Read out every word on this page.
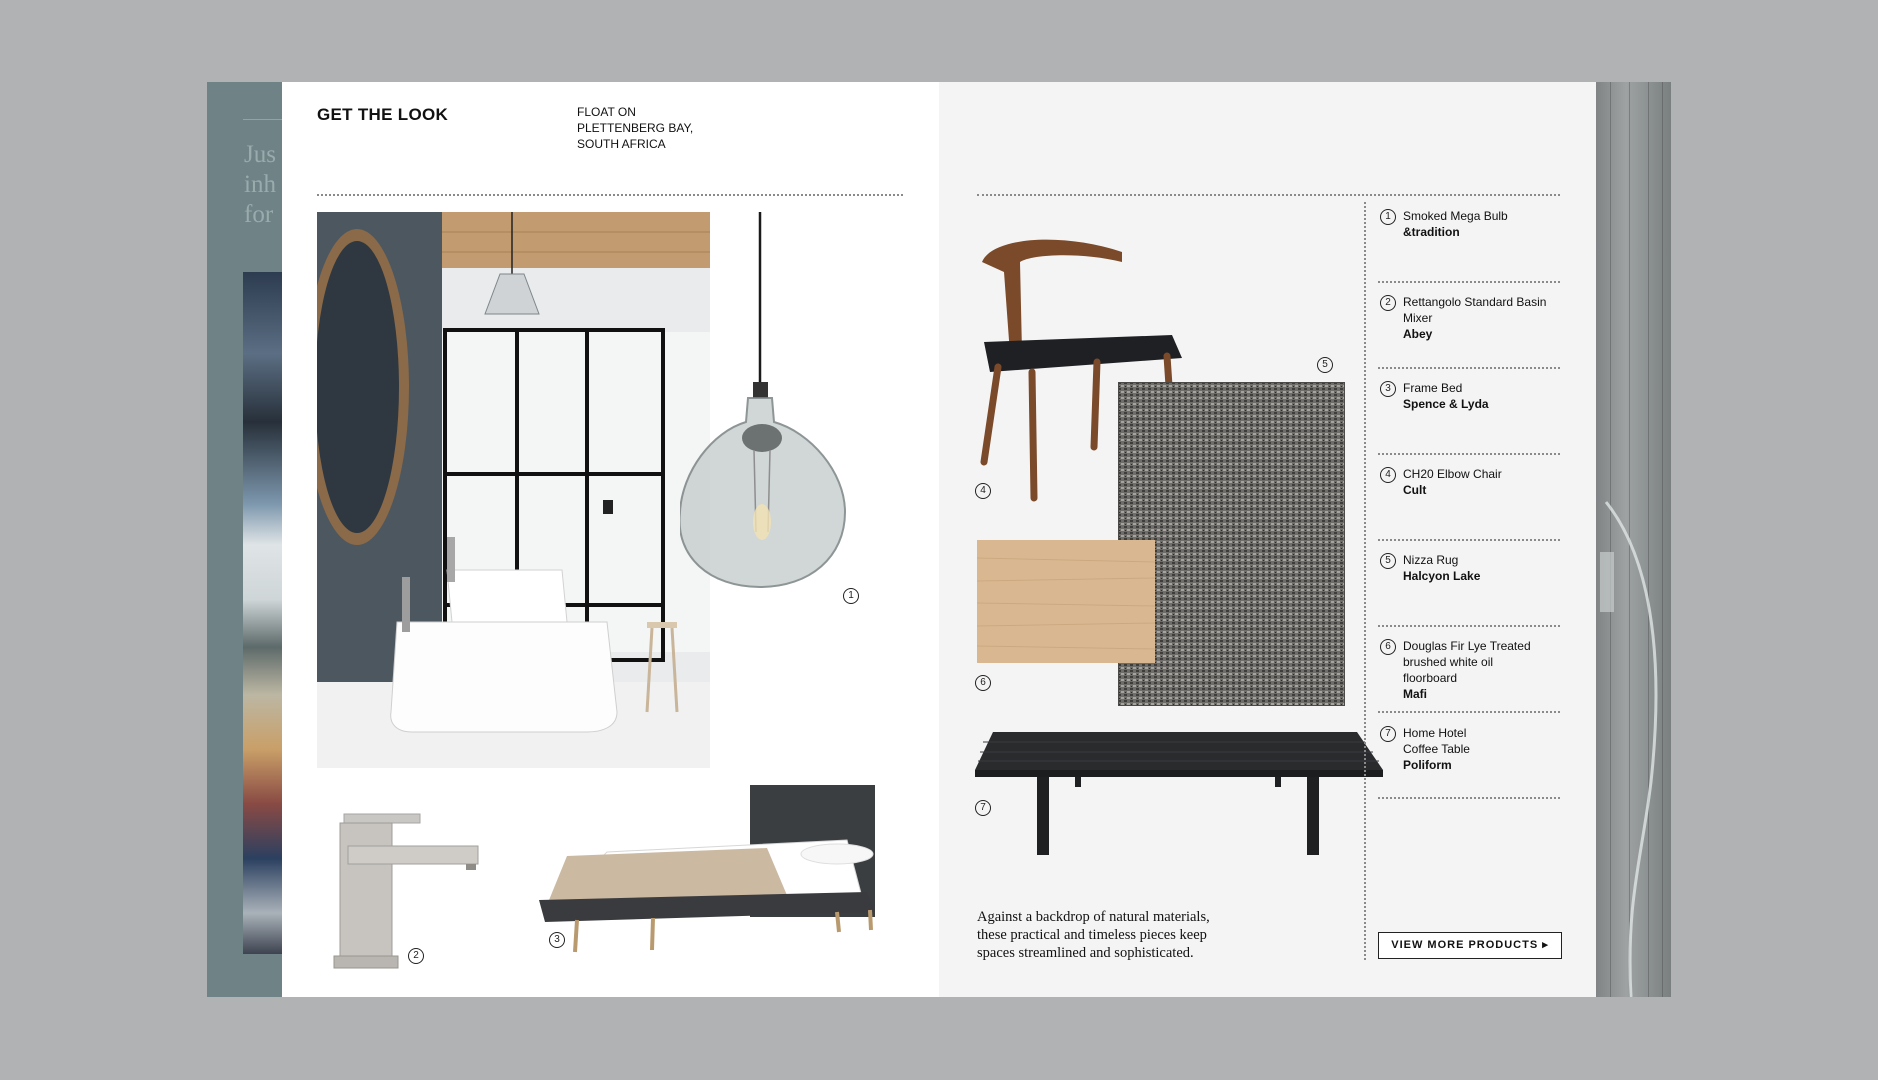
Jus
inh
for
GET THE LOOK	FLOAT ON
PLETTENBERG BAY,
SOUTH AFRICA
1
2
3
4
5
6
7
1	Smoked Mega Bulb
&tradition
2	Rettangolo Standard Basin
Mixer
Abey
3	Frame Bed
Spence & Lyda
4	CH20 Elbow Chair
Cult
5	Nizza Rug
Halcyon Lake
6	Douglas Fir Lye Treated
brushed white oil
floorboard
Mafi
7	Home Hotel
Coffee Table
Poliform
Against a backdrop of natural materials,
these practical and timeless pieces keep
spaces streamlined and sophisticated.	VIEW MORE PRODUCTS ▸
